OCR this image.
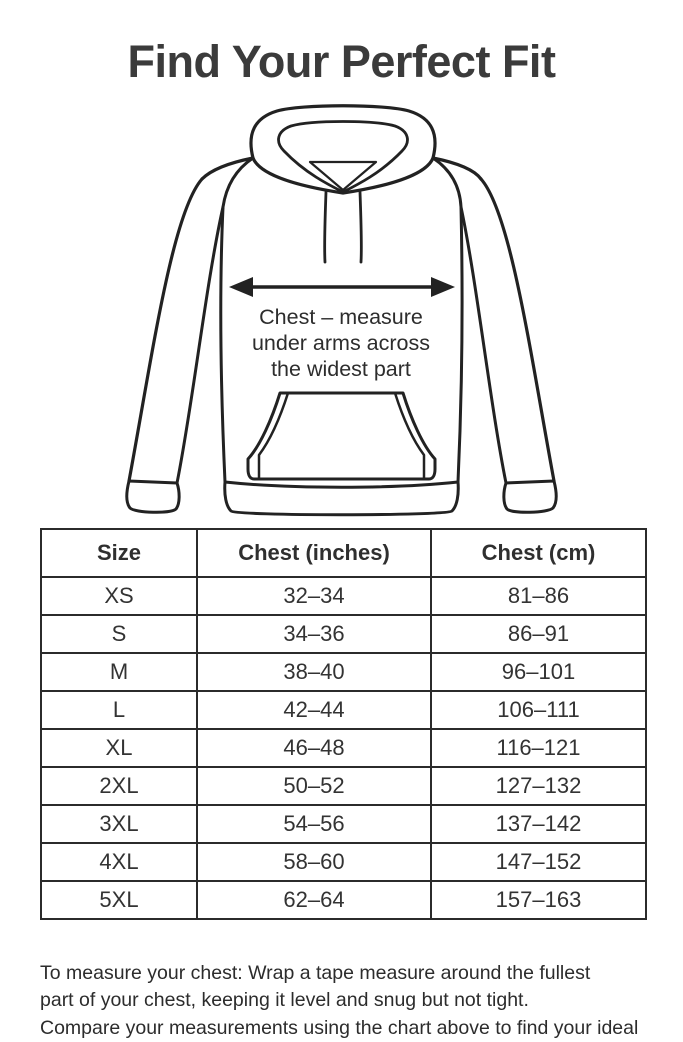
Find Your Perfect Fit
Chest – measure
under arms across
the widest part
Size	Chest (inches)	Chest (cm)
XS	32–34	81–86
S	34–36	86–91
M	38–40	96–101
L	42–44	106–111
XL	46–48	116–121
2XL	50–52	127–132
3XL	54–56	137–142
4XL	58–60	147–152
5XL	62–64	157–163
To measure your chest: Wrap a tape measure around the fullest
part of your chest, keeping it level and snug but not tight.
Compare your measurements using the chart above to find your ideal
